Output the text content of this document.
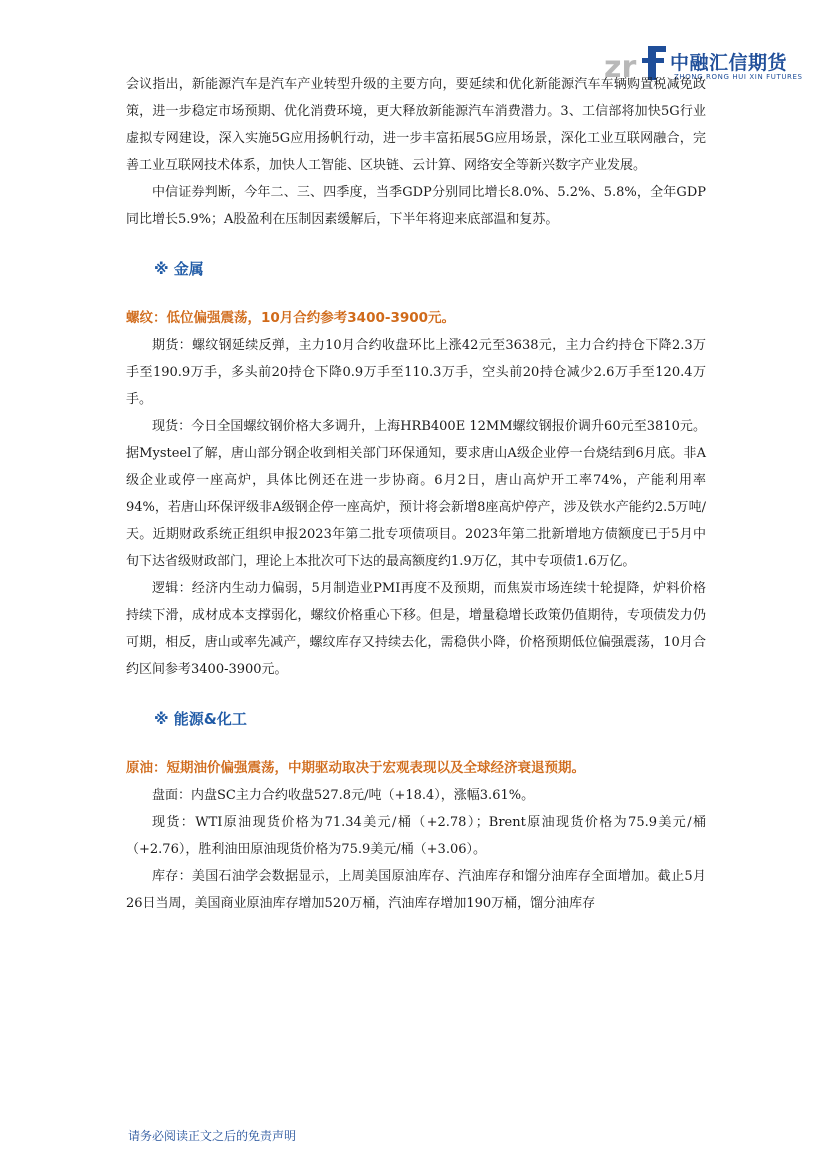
zr 中融汇信期货
ZHONG RONG HUI XIN FUTURES

会议指出，新能源汽车是汽车产业转型升级的主要方向，要延续和优化新能源汽车车辆购置税减免政策，进一步稳定市场预期、优化消费环境，更大释放新能源汽车消费潜力。3、工信部将加快5G行业虚拟专网建设，深入实施5G应用扬帆行动，进一步丰富拓展5G应用场景，深化工业互联网融合，完善工业互联网技术体系，加快人工智能、区块链、云计算、网络安全等新兴数字产业发展。

中信证券判断，今年二、三、四季度，当季GDP分别同比增长8.0%、5.2%、5.8%，全年GDP同比增长5.9%；A股盈利在压制因素缓解后，下半年将迎来底部温和复苏。

※ 金属
螺纹：低位偏强震荡，10月合约参考3400-3900元。

期货：螺纹钢延续反弹，主力10月合约收盘环比上涨42元至3638元，主力合约持仓下降2.3万手至190.9万手，多头前20持仓下降0.9万手至110.3万手，空头前20持仓减少2.6万手至120.4万手。

现货：今日全国螺纹钢价格大多调升，上海HRB400E 12MM螺纹钢报价调升60元至3810元。据Mysteel了解，唐山部分钢企收到相关部门环保通知，要求唐山A级企业停一台烧结到6月底。非A级企业或停一座高炉，具体比例还在进一步协商。6月2日，唐山高炉开工率74%，产能利用率94%，若唐山环保评级非A级钢企停一座高炉，预计将会新增8座高炉停产，涉及铁水产能约2.5万吨/天。近期财政系统正组织申报2023年第二批专项债项目。2023年第二批新增地方债额度已于5月中旬下达省级财政部门，理论上本批次可下达的最高额度约1.9万亿，其中专项债1.6万亿。

逻辑：经济内生动力偏弱，5月制造业PMI再度不及预期，而焦炭市场连续十轮提降，炉料价格持续下滑，成材成本支撑弱化，螺纹价格重心下移。但是，增量稳增长政策仍值期待，专项债发力仍可期，相反，唐山或率先减产，螺纹库存又持续去化，需稳供小降，价格预期低位偏强震荡，10月合约区间参考3400-3900元。

※ 能源&化工
原油：短期油价偏强震荡，中期驱动取决于宏观表现以及全球经济衰退预期。

盘面：内盘SC主力合约收盘527.8元/吨（+18.4），涨幅3.61%。

现货：WTI原油现货价格为71.34美元/桶（+2.78）；Brent原油现货价格为75.9美元/桶（+2.76），胜利油田原油现货价格为75.9美元/桶（+3.06）。

库存：美国石油学会数据显示，上周美国原油库存、汽油库存和馏分油库存全面增加。截止5月26日当周，美国商业原油库存增加520万桶，汽油库存增加190万桶，馏分油库存

请务必阅读正文之后的免责声明
